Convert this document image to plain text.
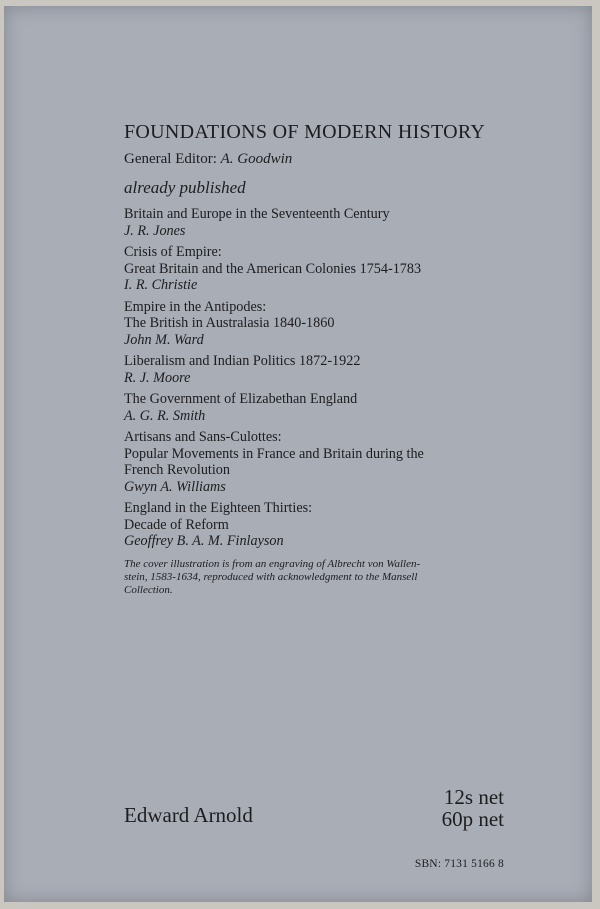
FOUNDATIONS OF MODERN HISTORY
General Editor: A. Goodwin
already published
Britain and Europe in the Seventeenth Century
J. R. Jones
Crisis of Empire:
Great Britain and the American Colonies 1754-1783
I. R. Christie
Empire in the Antipodes:
The British in Australasia 1840-1860
John M. Ward
Liberalism and Indian Politics 1872-1922
R. J. Moore
The Government of Elizabethan England
A. G. R. Smith
Artisans and Sans-Culottes:
Popular Movements in France and Britain during the
French Revolution
Gwyn A. Williams
England in the Eighteen Thirties:
Decade of Reform
Geoffrey B. A. M. Finlayson
The cover illustration is from an engraving of Albrecht von Wallen-
stein, 1583-1634, reproduced with acknowledgment to the Mansell
Collection.
Edward Arnold
12s net
60p net
SBN: 7131 5166 8
